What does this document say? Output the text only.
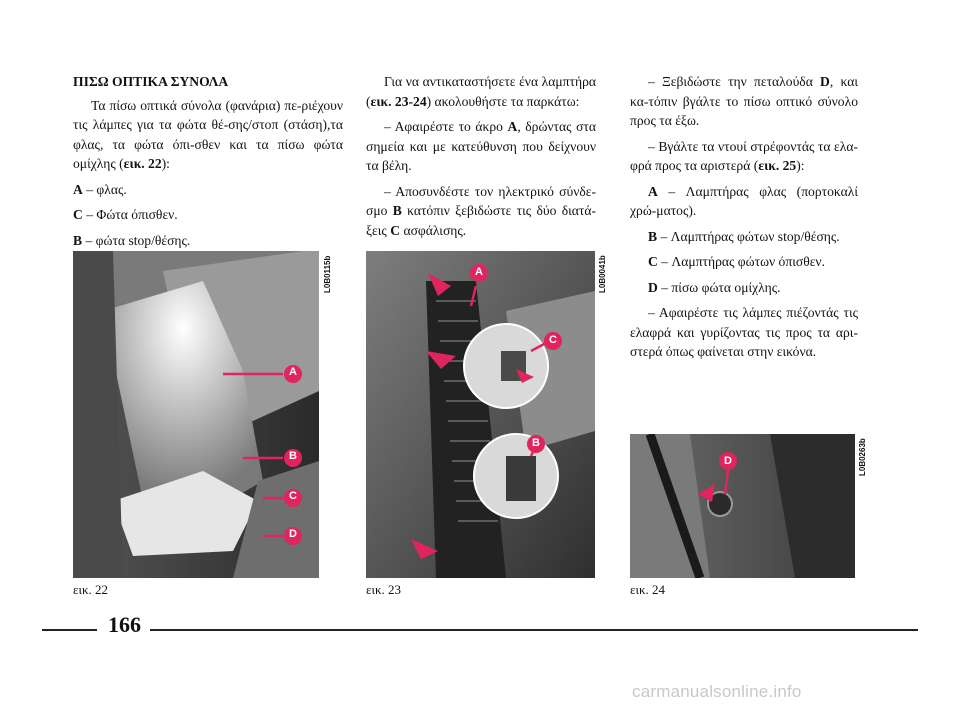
ΠΙΣΩ ΟΠΤΙΚΑ ΣΥΝΟΛΑ

Τα πίσω οπτικά σύνολα (φανάρια) πε-ριέχουν τις λάμπες για τα φώτα θέ-σης/στοπ (στάση),τα φλας, τα φώτα όπι-σθεν και τα πίσω φώτα ομίχλης (εικ. 22):

A – φλας.

C – Φώτα όπισθεν.

B – φώτα stop/θέσης.

Για να αντικαταστήσετε ένα λαμπτήρα (εικ. 23-24) ακολουθήστε τα παρκάτω:

– Αφαιρέστε το άκρο A, δρώντας στα σημεία και με κατεύθυνση που δείχνουν τα βέλη.

– Αποσυνδέστε τον ηλεκτρικό σύνδε-σμο B κατόπιν ξεβιδώστε τις δύο διατά-ξεις C ασφάλισης.

– Ξεβιδώστε την πεταλούδα D, και κα-τόπιν βγάλτε το πίσω οπτικό σύνολο προς τα έξω.

– Βγάλτε τα ντουί στρέφοντάς τα ελα-φρά προς τα αριστερά (εικ. 25):

A – Λαμπτήρας φλας (πορτοκαλί χρώ-ματος).

B – Λαμπτήρας φώτων stop/θέσης.

C – Λαμπτήρας φώτων όπισθεν.

D – πίσω φώτα ομίχλης.

– Αφαιρέστε τις λάμπες πιέζοντάς τις ελαφρά και γυρίζοντας τις προς τα αρι-στερά όπως φαίνεται στην εικόνα.

A
B
C
D
A
C
B
D
L0B0115b	L0B0041b
L0B0263b
εικ. 22	εικ. 23	εικ. 24
166
carmanualsonline.info
